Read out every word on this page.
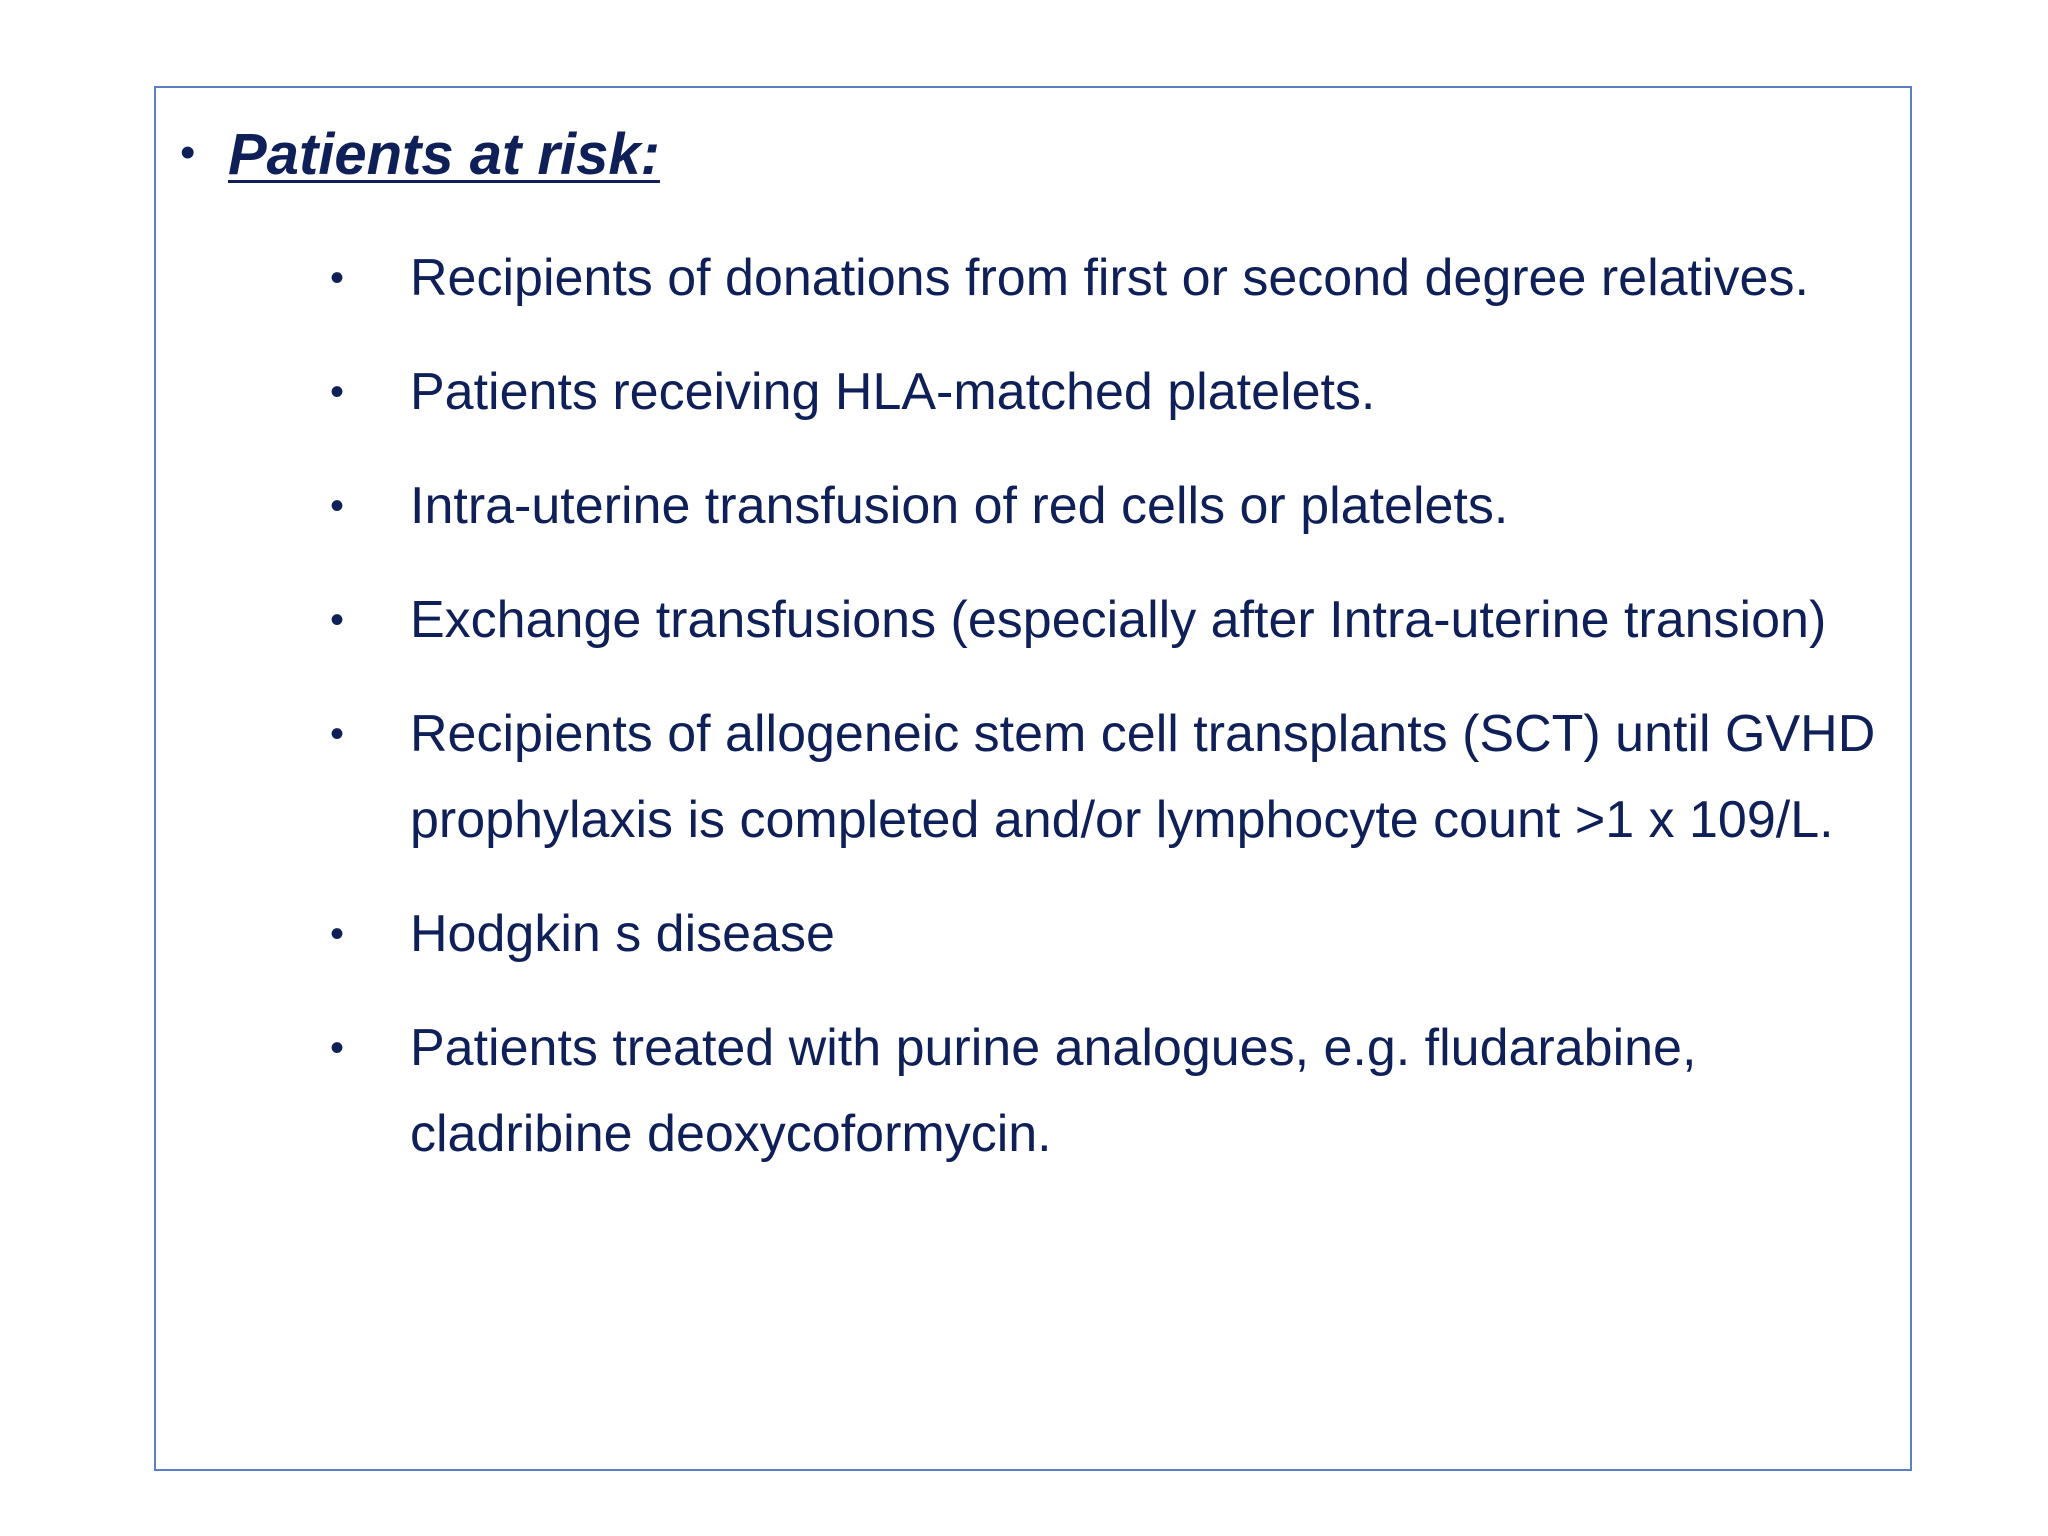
• Patients at risk:
•	Recipients of donations from first or second degree relatives.
•	Patients receiving HLA-matched platelets.
•	Intra-uterine transfusion of red cells or platelets.
•	Exchange transfusions (especially after Intra-uterine transion)
•	Recipients of allogeneic stem cell transplants (SCT) until GVHD prophylaxis is completed and/or lymphocyte count >1 x 109/L.
•	Hodgkin s disease
•	Patients treated with purine analogues, e.g. fludarabine, cladribine deoxycoformycin.
